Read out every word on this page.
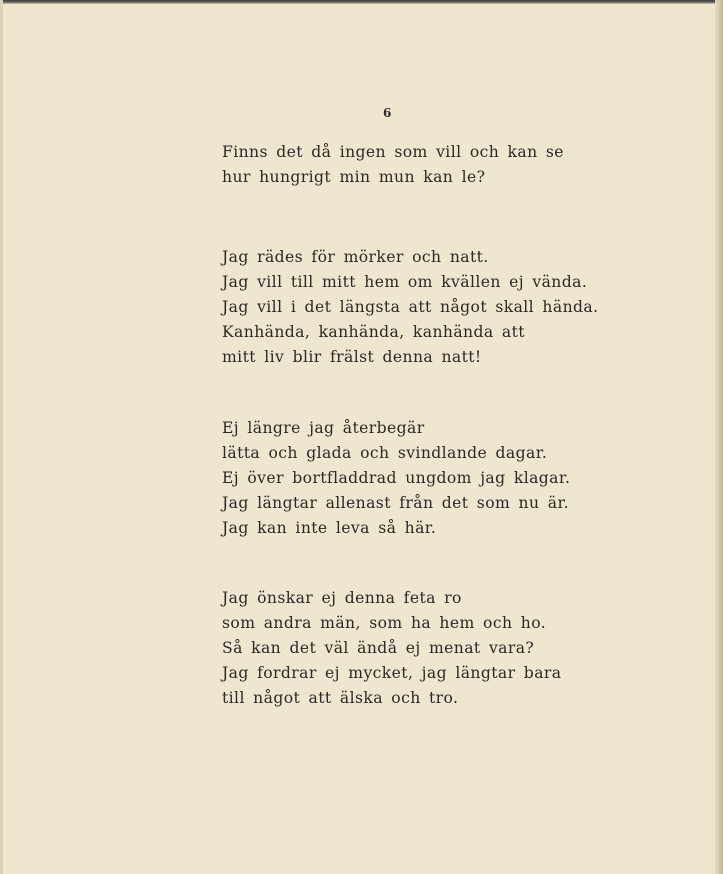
6
Finns det då ingen som vill och kan se
hur hungrigt min mun kan le?
Jag rädes för mörker och natt.
Jag vill till mitt hem om kvällen ej vända.
Jag vill i det längsta att något skall hända.
Kanhända, kanhända, kanhända att
mitt liv blir frälst denna natt!
Ej längre jag återbegär
lätta och glada och svindlande dagar.
Ej över bortfladdrad ungdom jag klagar.
Jag längtar allenast från det som nu är.
Jag kan inte leva så här.
Jag önskar ej denna feta ro
som andra män, som ha hem och ho.
Så kan det väl ändå ej menat vara?
Jag fordrar ej mycket, jag längtar bara
till något att älska och tro.
